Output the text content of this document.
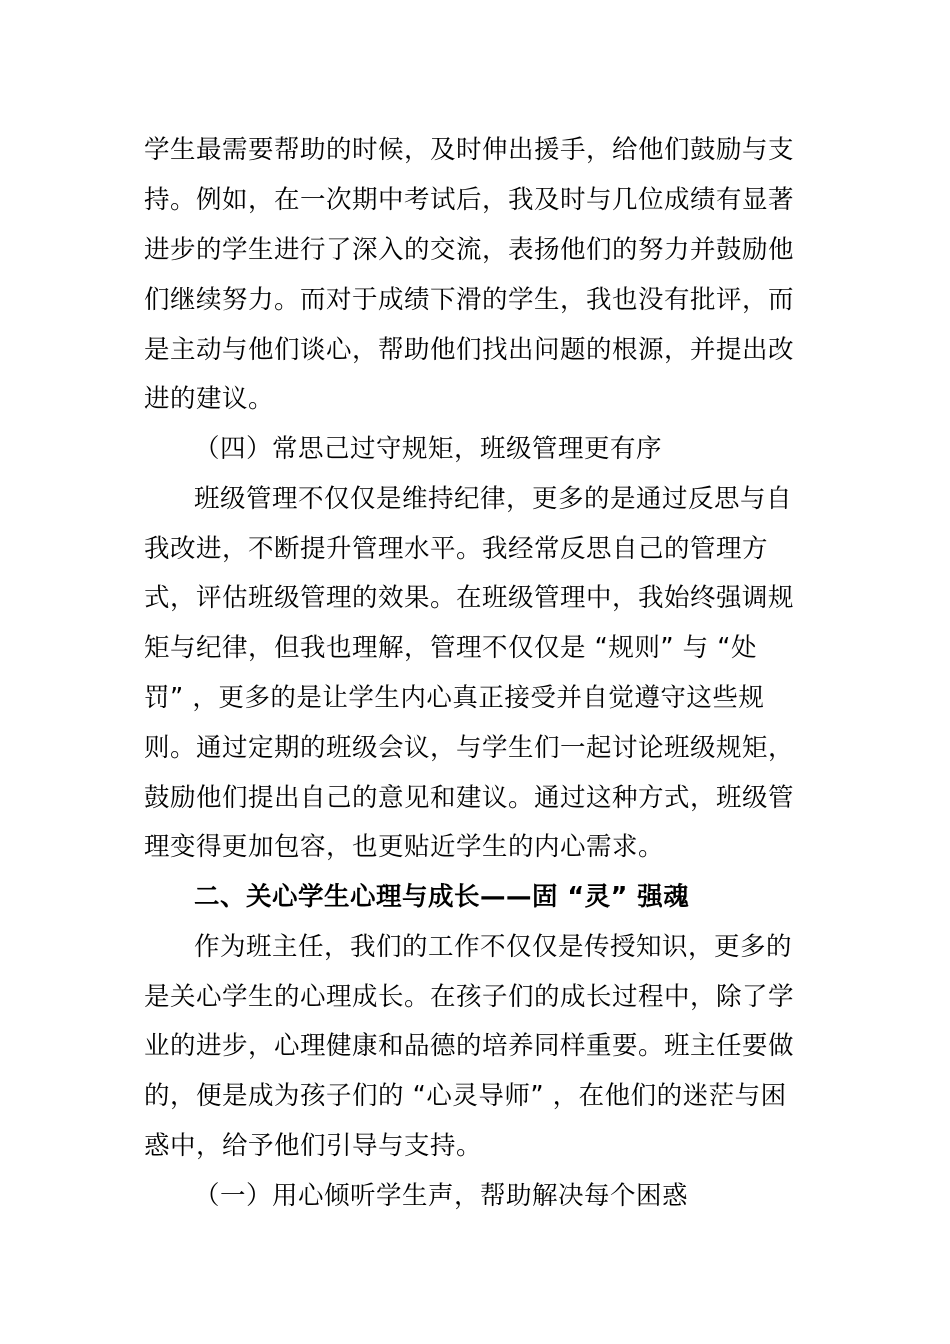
学生最需要帮助的时候，及时伸出援手，给他们鼓励与支
持。例如，在一次期中考试后，我及时与几位成绩有显著
进步的学生进行了深入的交流，表扬他们的努力并鼓励他
们继续努力。而对于成绩下滑的学生，我也没有批评，而
是主动与他们谈心，帮助他们找出问题的根源，并提出改
进的建议。
（四）常思己过守规矩，班级管理更有序
班级管理不仅仅是维持纪律，更多的是通过反思与自
我改进，不断提升管理水平。我经常反思自己的管理方
式，评估班级管理的效果。在班级管理中，我始终强调规
矩与纪律，但我也理解，管理不仅仅是 “规则” 与 “处
罚” ，更多的是让学生内心真正接受并自觉遵守这些规
则。通过定期的班级会议，与学生们一起讨论班级规矩，
鼓励他们提出自己的意见和建议。通过这种方式，班级管
理变得更加包容，也更贴近学生的内心需求。
二、关心学生心理与成长——固 “灵” 强魂
作为班主任，我们的工作不仅仅是传授知识，更多的
是关心学生的心理成长。在孩子们的成长过程中，除了学
业的进步，心理健康和品德的培养同样重要。班主任要做
的，便是成为孩子们的 “心灵导师” ，在他们的迷茫与困
惑中，给予他们引导与支持。
（一）用心倾听学生声，帮助解决每个困惑
